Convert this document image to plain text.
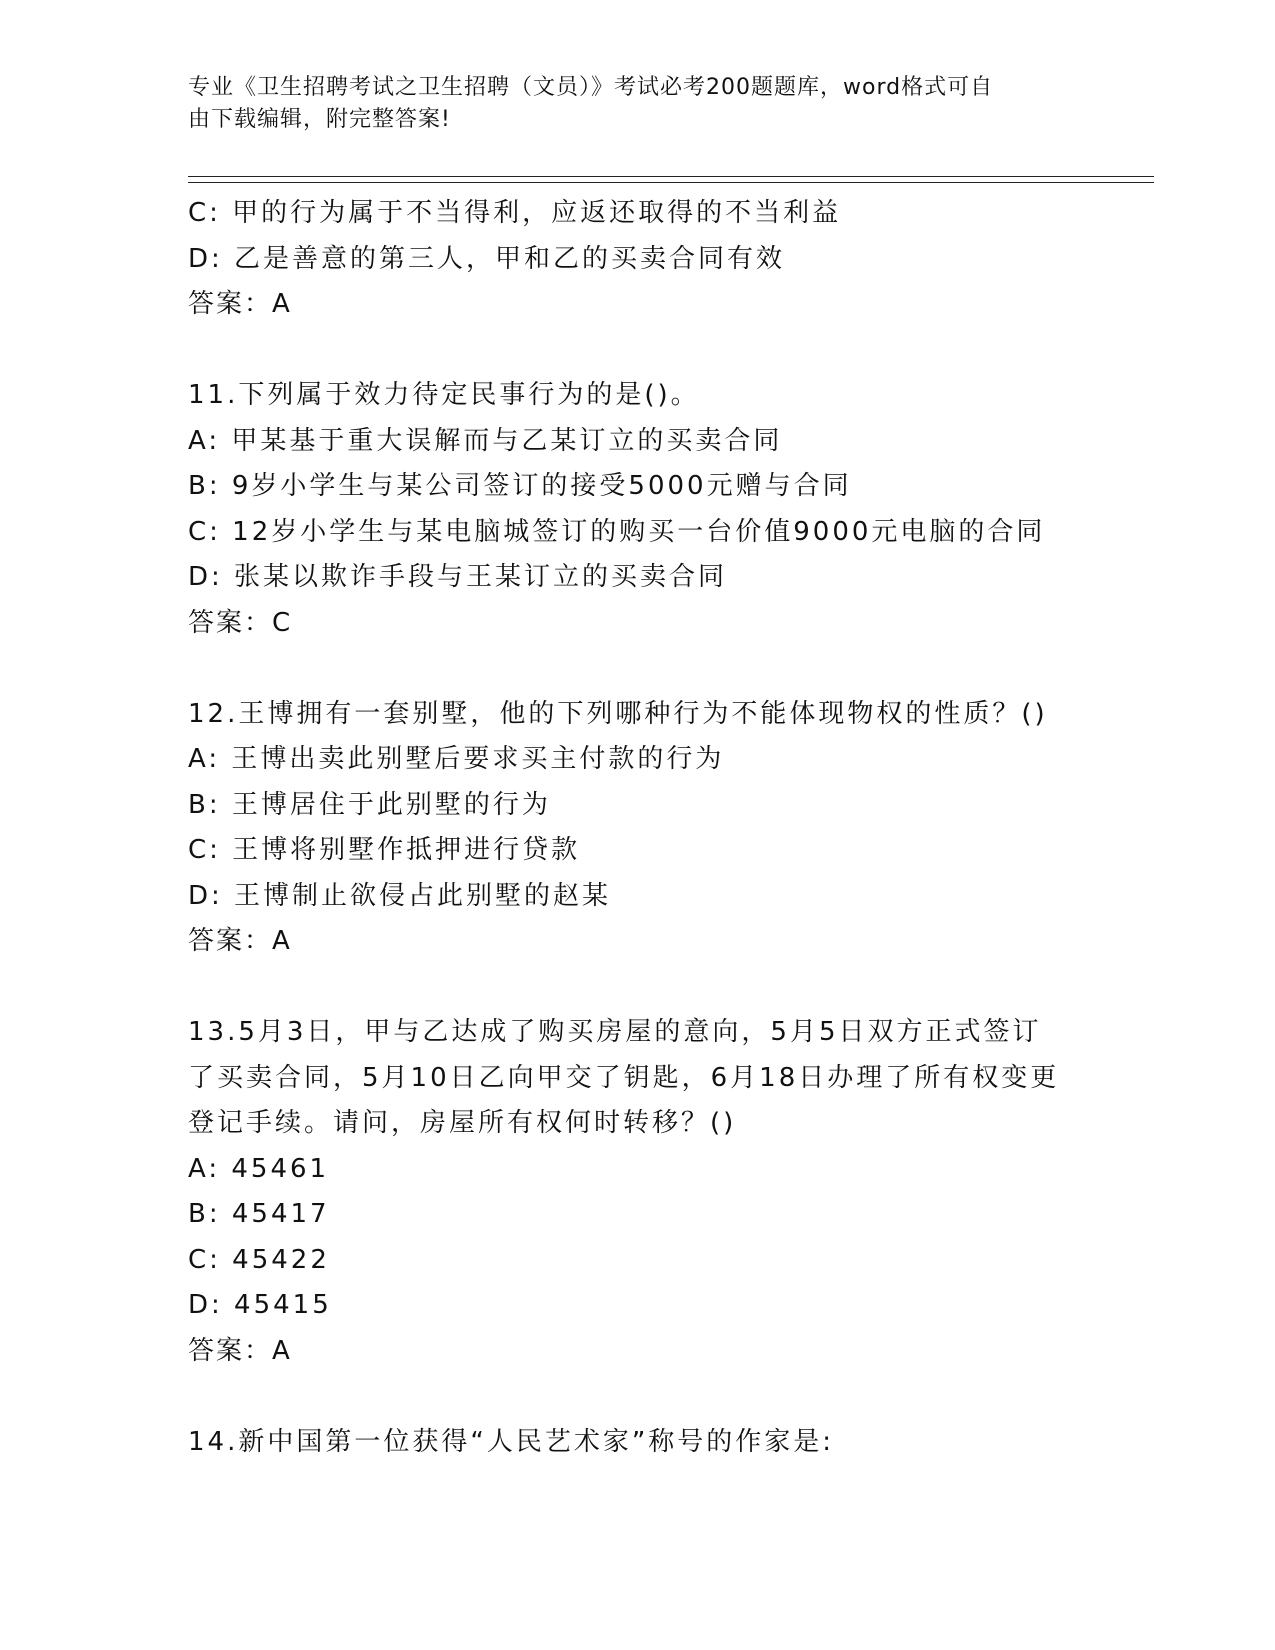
专业《卫生招聘考试之卫生招聘（文员）》考试必考200题题库，word格式可自
由下载编辑，附完整答案!
C: 甲的行为属于不当得利，应返还取得的不当利益
D: 乙是善意的第三人，甲和乙的买卖合同有效
答案：A
11.下列属于效力待定民事行为的是()。
A: 甲某基于重大误解而与乙某订立的买卖合同
B: 9岁小学生与某公司签订的接受5000元赠与合同
C: 12岁小学生与某电脑城签订的购买一台价值9000元电脑的合同
D: 张某以欺诈手段与王某订立的买卖合同
答案：C
12.王博拥有一套别墅，他的下列哪种行为不能体现物权的性质？()
A: 王博出卖此别墅后要求买主付款的行为
B: 王博居住于此别墅的行为
C: 王博将别墅作抵押进行贷款
D: 王博制止欲侵占此别墅的赵某
答案：A
13.5月3日，甲与乙达成了购买房屋的意向，5月5日双方正式签订
了买卖合同，5月10日乙向甲交了钥匙，6月18日办理了所有权变更
登记手续。请问，房屋所有权何时转移？()
A: 45461
B: 45417
C: 45422
D: 45415
答案：A
14.新中国第一位获得“人民艺术家”称号的作家是:
